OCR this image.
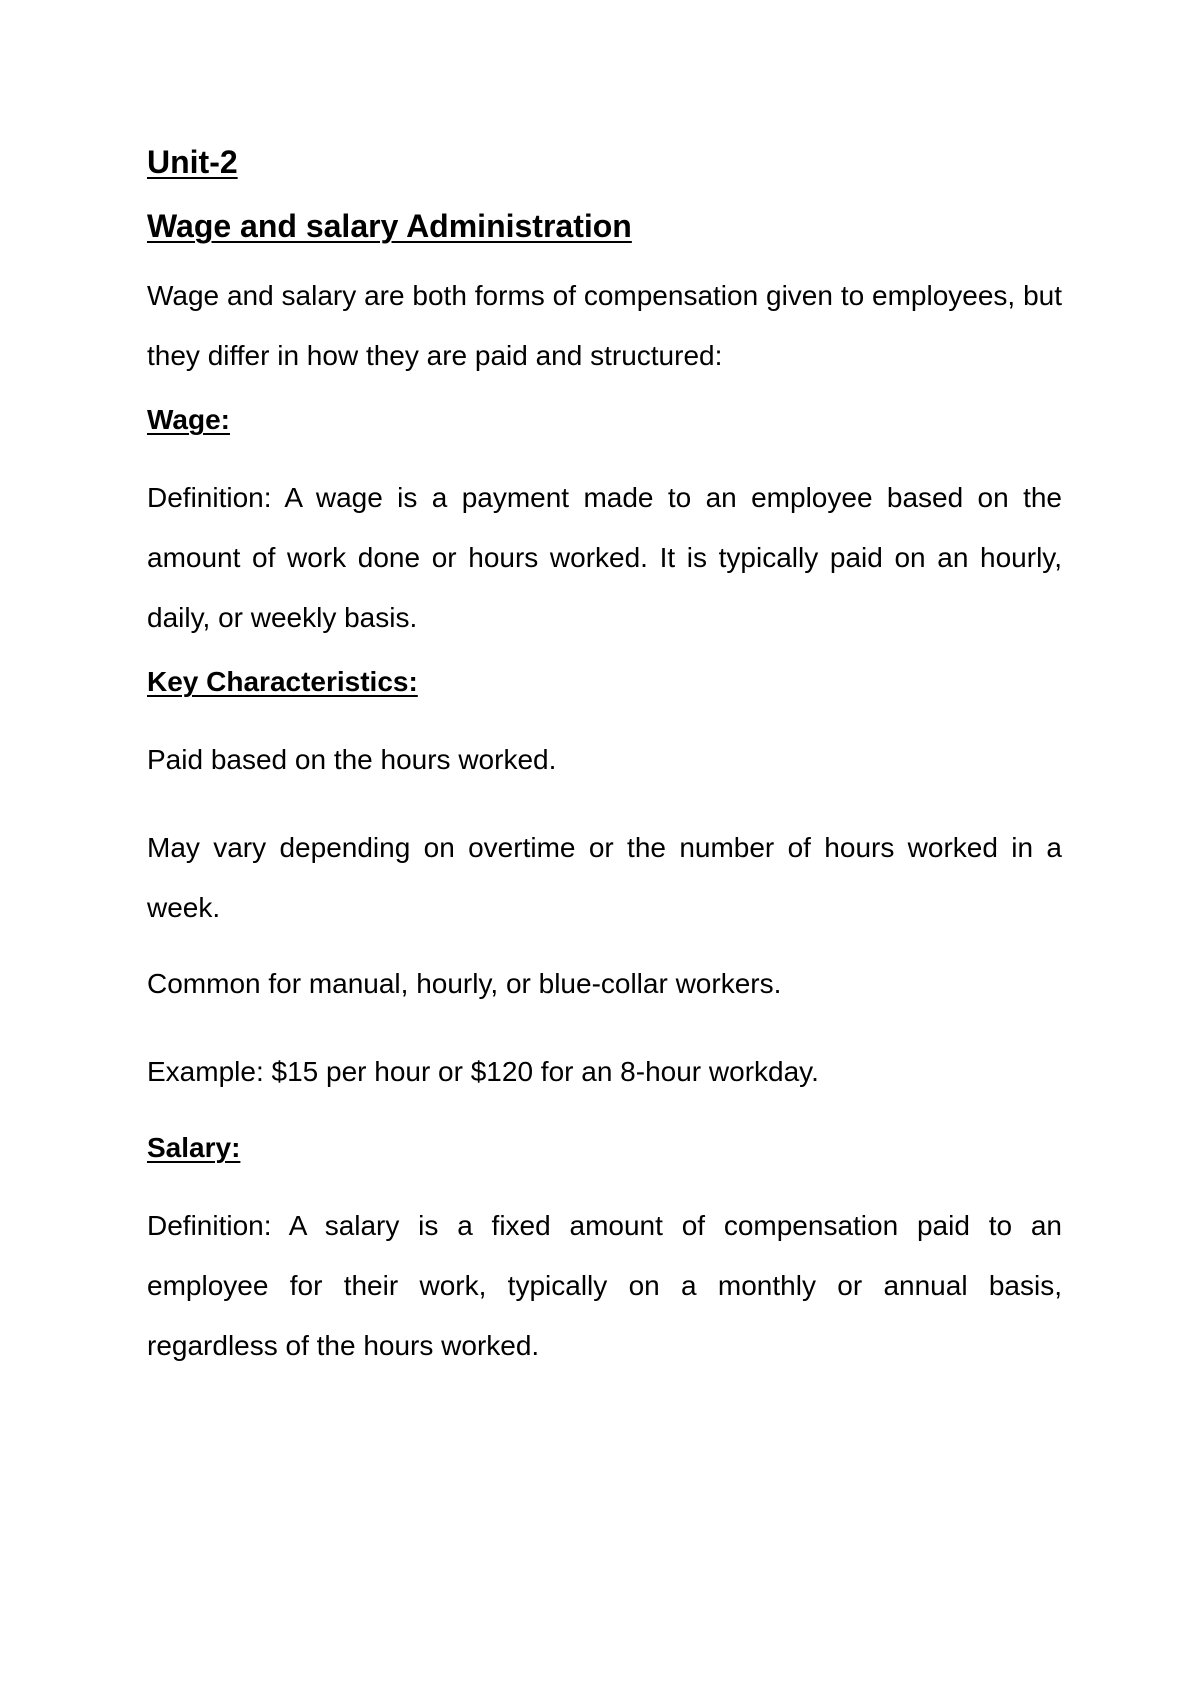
Unit-2
Wage and salary Administration

Wage and salary are both forms of compensation given to employees, but they differ in how they are paid and structured:

Wage:

Definition: A wage is a payment made to an employee based on the amount of work done or hours worked. It is typically paid on an hourly, daily, or weekly basis.

Key Characteristics:

Paid based on the hours worked.

May vary depending on overtime or the number of hours worked in a week.

Common for manual, hourly, or blue-collar workers.

Example: $15 per hour or $120 for an 8-hour workday.

Salary:

Definition: A salary is a fixed amount of compensation paid to an employee for their work, typically on a monthly or annual basis, regardless of the hours worked.
